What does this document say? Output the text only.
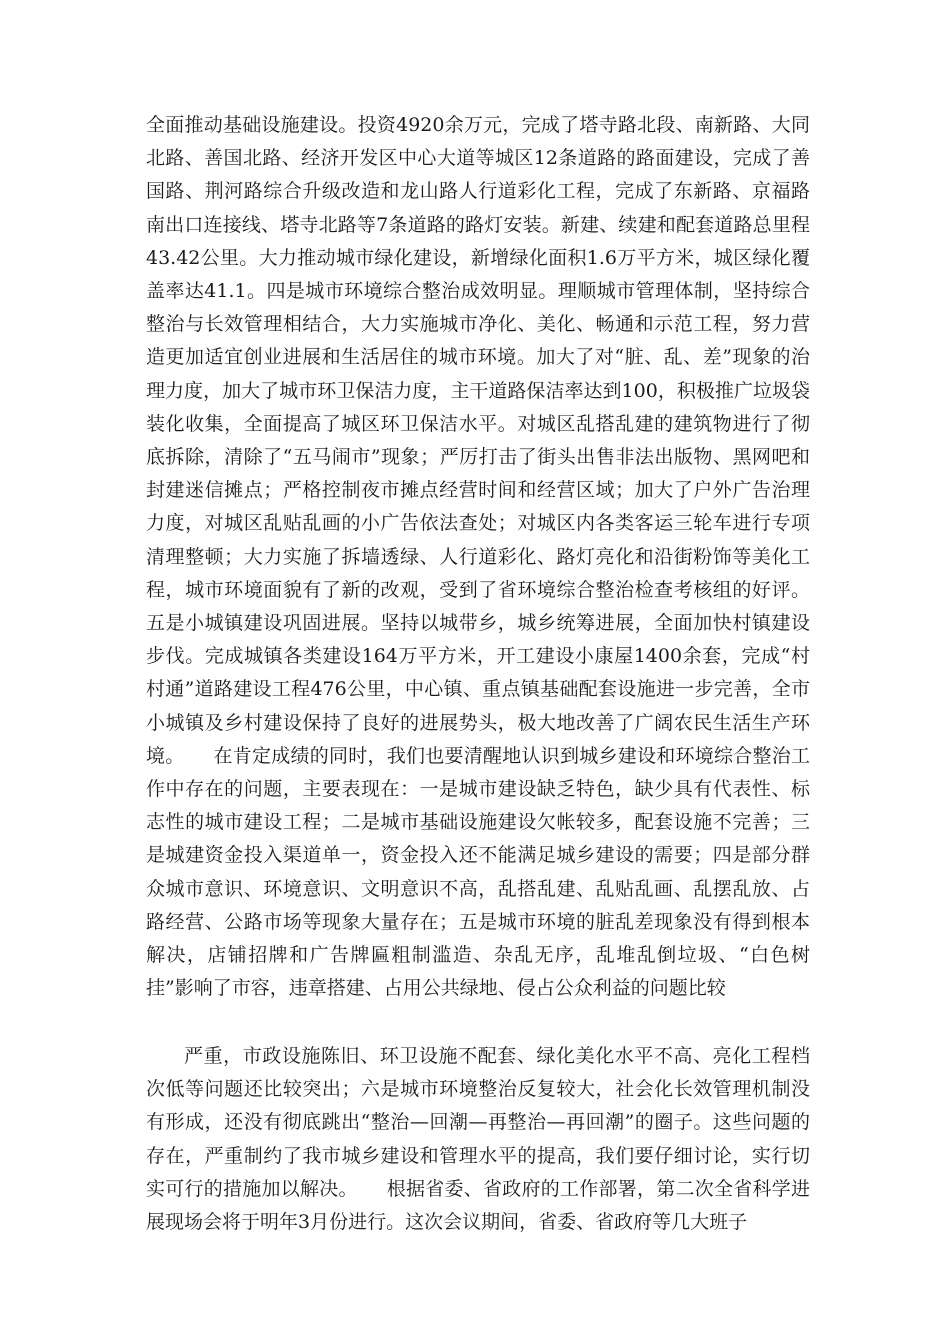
全面推动基础设施建设。投资4920余万元，完成了塔寺路北段、南新路、大同北路、善国北路、经济开发区中心大道等城区12条道路的路面建设，完成了善国路、荆河路综合升级改造和龙山路人行道彩化工程，完成了东新路、京福路南出口连接线、塔寺北路等7条道路的路灯安装。新建、续建和配套道路总里程43.42公里。大力推动城市绿化建设，新增绿化面积1.6万平方米，城区绿化覆盖率达41.1。四是城市环境综合整治成效明显。理顺城市管理体制，坚持综合整治与长效管理相结合，大力实施城市净化、美化、畅通和示范工程，努力营造更加适宜创业进展和生活居住的城市环境。加大了对“脏、乱、差”现象的治理力度，加大了城市环卫保洁力度，主干道路保洁率达到100，积极推广垃圾袋装化收集，全面提高了城区环卫保洁水平。对城区乱搭乱建的建筑物进行了彻底拆除，清除了“五马闹市”现象；严厉打击了街头出售非法出版物、黑网吧和封建迷信摊点；严格控制夜市摊点经营时间和经营区域；加大了户外广告治理力度，对城区乱贴乱画的小广告依法查处；对城区内各类客运三轮车进行专项清理整顿；大力实施了拆墙透绿、人行道彩化、路灯亮化和沿街粉饰等美化工程，城市环境面貌有了新的改观，受到了省环境综合整治检查考核组的好评。五是小城镇建设巩固进展。坚持以城带乡，城乡统筹进展，全面加快村镇建设步伐。完成城镇各类建设164万平方米，开工建设小康屋1400余套，完成“村村通”道路建设工程476公里，中心镇、重点镇基础配套设施进一步完善，全市小城镇及乡村建设保持了良好的进展势头，极大地改善了广阔农民生活生产环境。　　在肯定成绩的同时，我们也要清醒地认识到城乡建设和环境综合整治工作中存在的问题，主要表现在：一是城市建设缺乏特色，缺少具有代表性、标志性的城市建设工程；二是城市基础设施建设欠帐较多，配套设施不完善；三是城建资金投入渠道单一，资金投入还不能满足城乡建设的需要；四是部分群众城市意识、环境意识、文明意识不高，乱搭乱建、乱贴乱画、乱摆乱放、占路经营、公路市场等现象大量存在；五是城市环境的脏乱差现象没有得到根本解决，店铺招牌和广告牌匾粗制滥造、杂乱无序，乱堆乱倒垃圾、“白色树挂”影响了市容，违章搭建、占用公共绿地、侵占公众利益的问题比较

严重，市政设施陈旧、环卫设施不配套、绿化美化水平不高、亮化工程档次低等问题还比较突出；六是城市环境整治反复较大，社会化长效管理机制没有形成，还没有彻底跳出“整治—回潮—再整治—再回潮”的圈子。这些问题的存在，严重制约了我市城乡建设和管理水平的提高，我们要仔细讨论，实行切实可行的措施加以解决。　　根据省委、省政府的工作部署，第二次全省科学进展现场会将于明年3月份进行。这次会议期间，省委、省政府等几大班子
